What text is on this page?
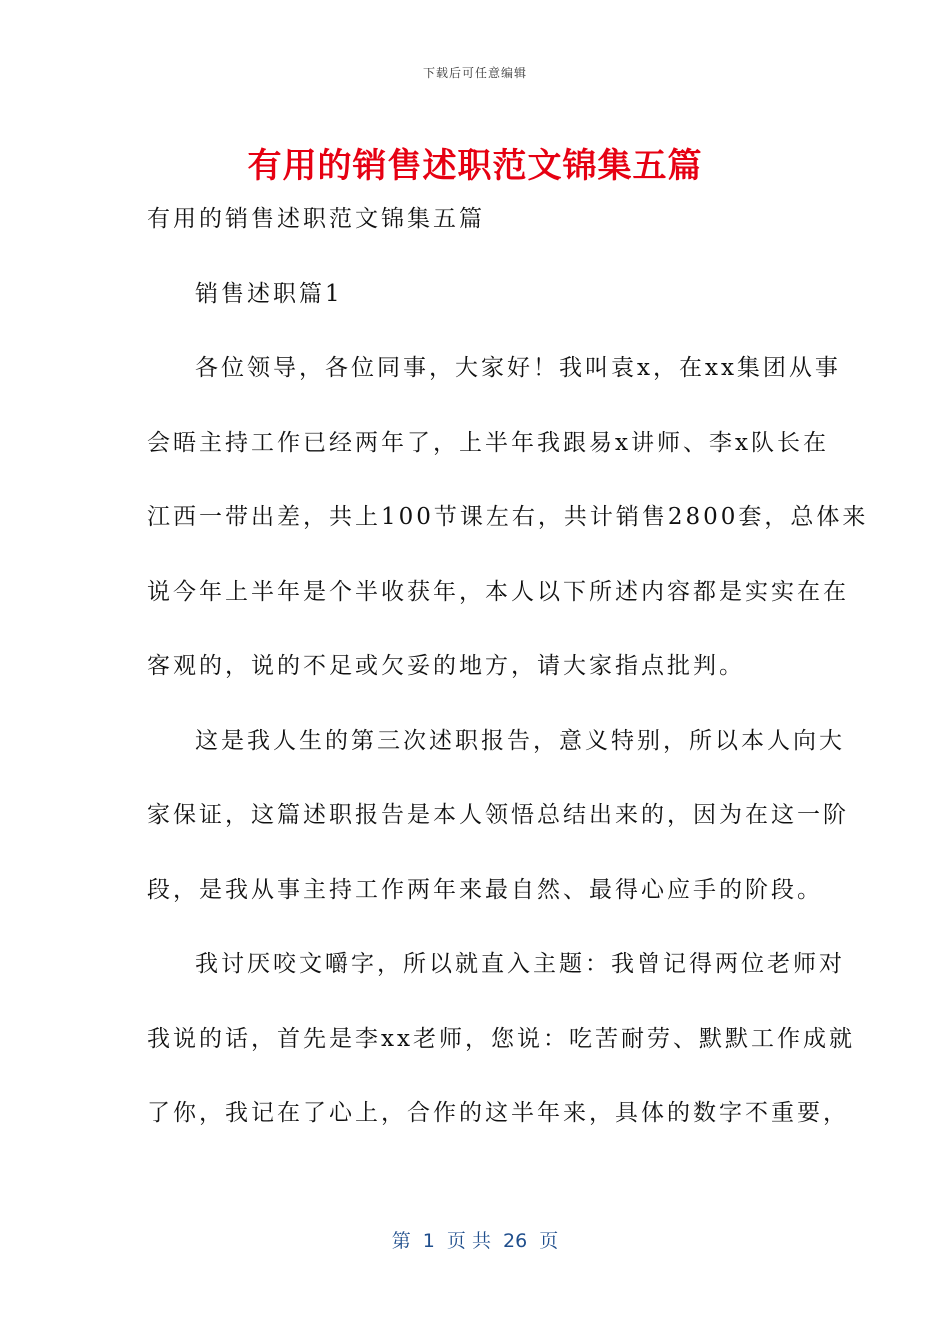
下载后可任意编辑
有用的销售述职范文锦集五篇

有用的销售述职范文锦集五篇

销售述职篇1

各位领导，各位同事，大家好！我叫袁x，在xx集团从事

会晤主持工作已经两年了，上半年我跟易x讲师、李x队长在

江西一带出差，共上100节课左右，共计销售2800套，总体来

说今年上半年是个半收获年，本人以下所述内容都是实实在在

客观的，说的不足或欠妥的地方，请大家指点批判。

这是我人生的第三次述职报告，意义特别，所以本人向大

家保证，这篇述职报告是本人领悟总结出来的，因为在这一阶

段，是我从事主持工作两年来最自然、最得心应手的阶段。

我讨厌咬文嚼字，所以就直入主题：我曾记得两位老师对

我说的话，首先是李xx老师，您说：吃苦耐劳、默默工作成就

了你，我记在了心上，合作的这半年来，具体的数字不重要，

第  1  页 共  26  页
